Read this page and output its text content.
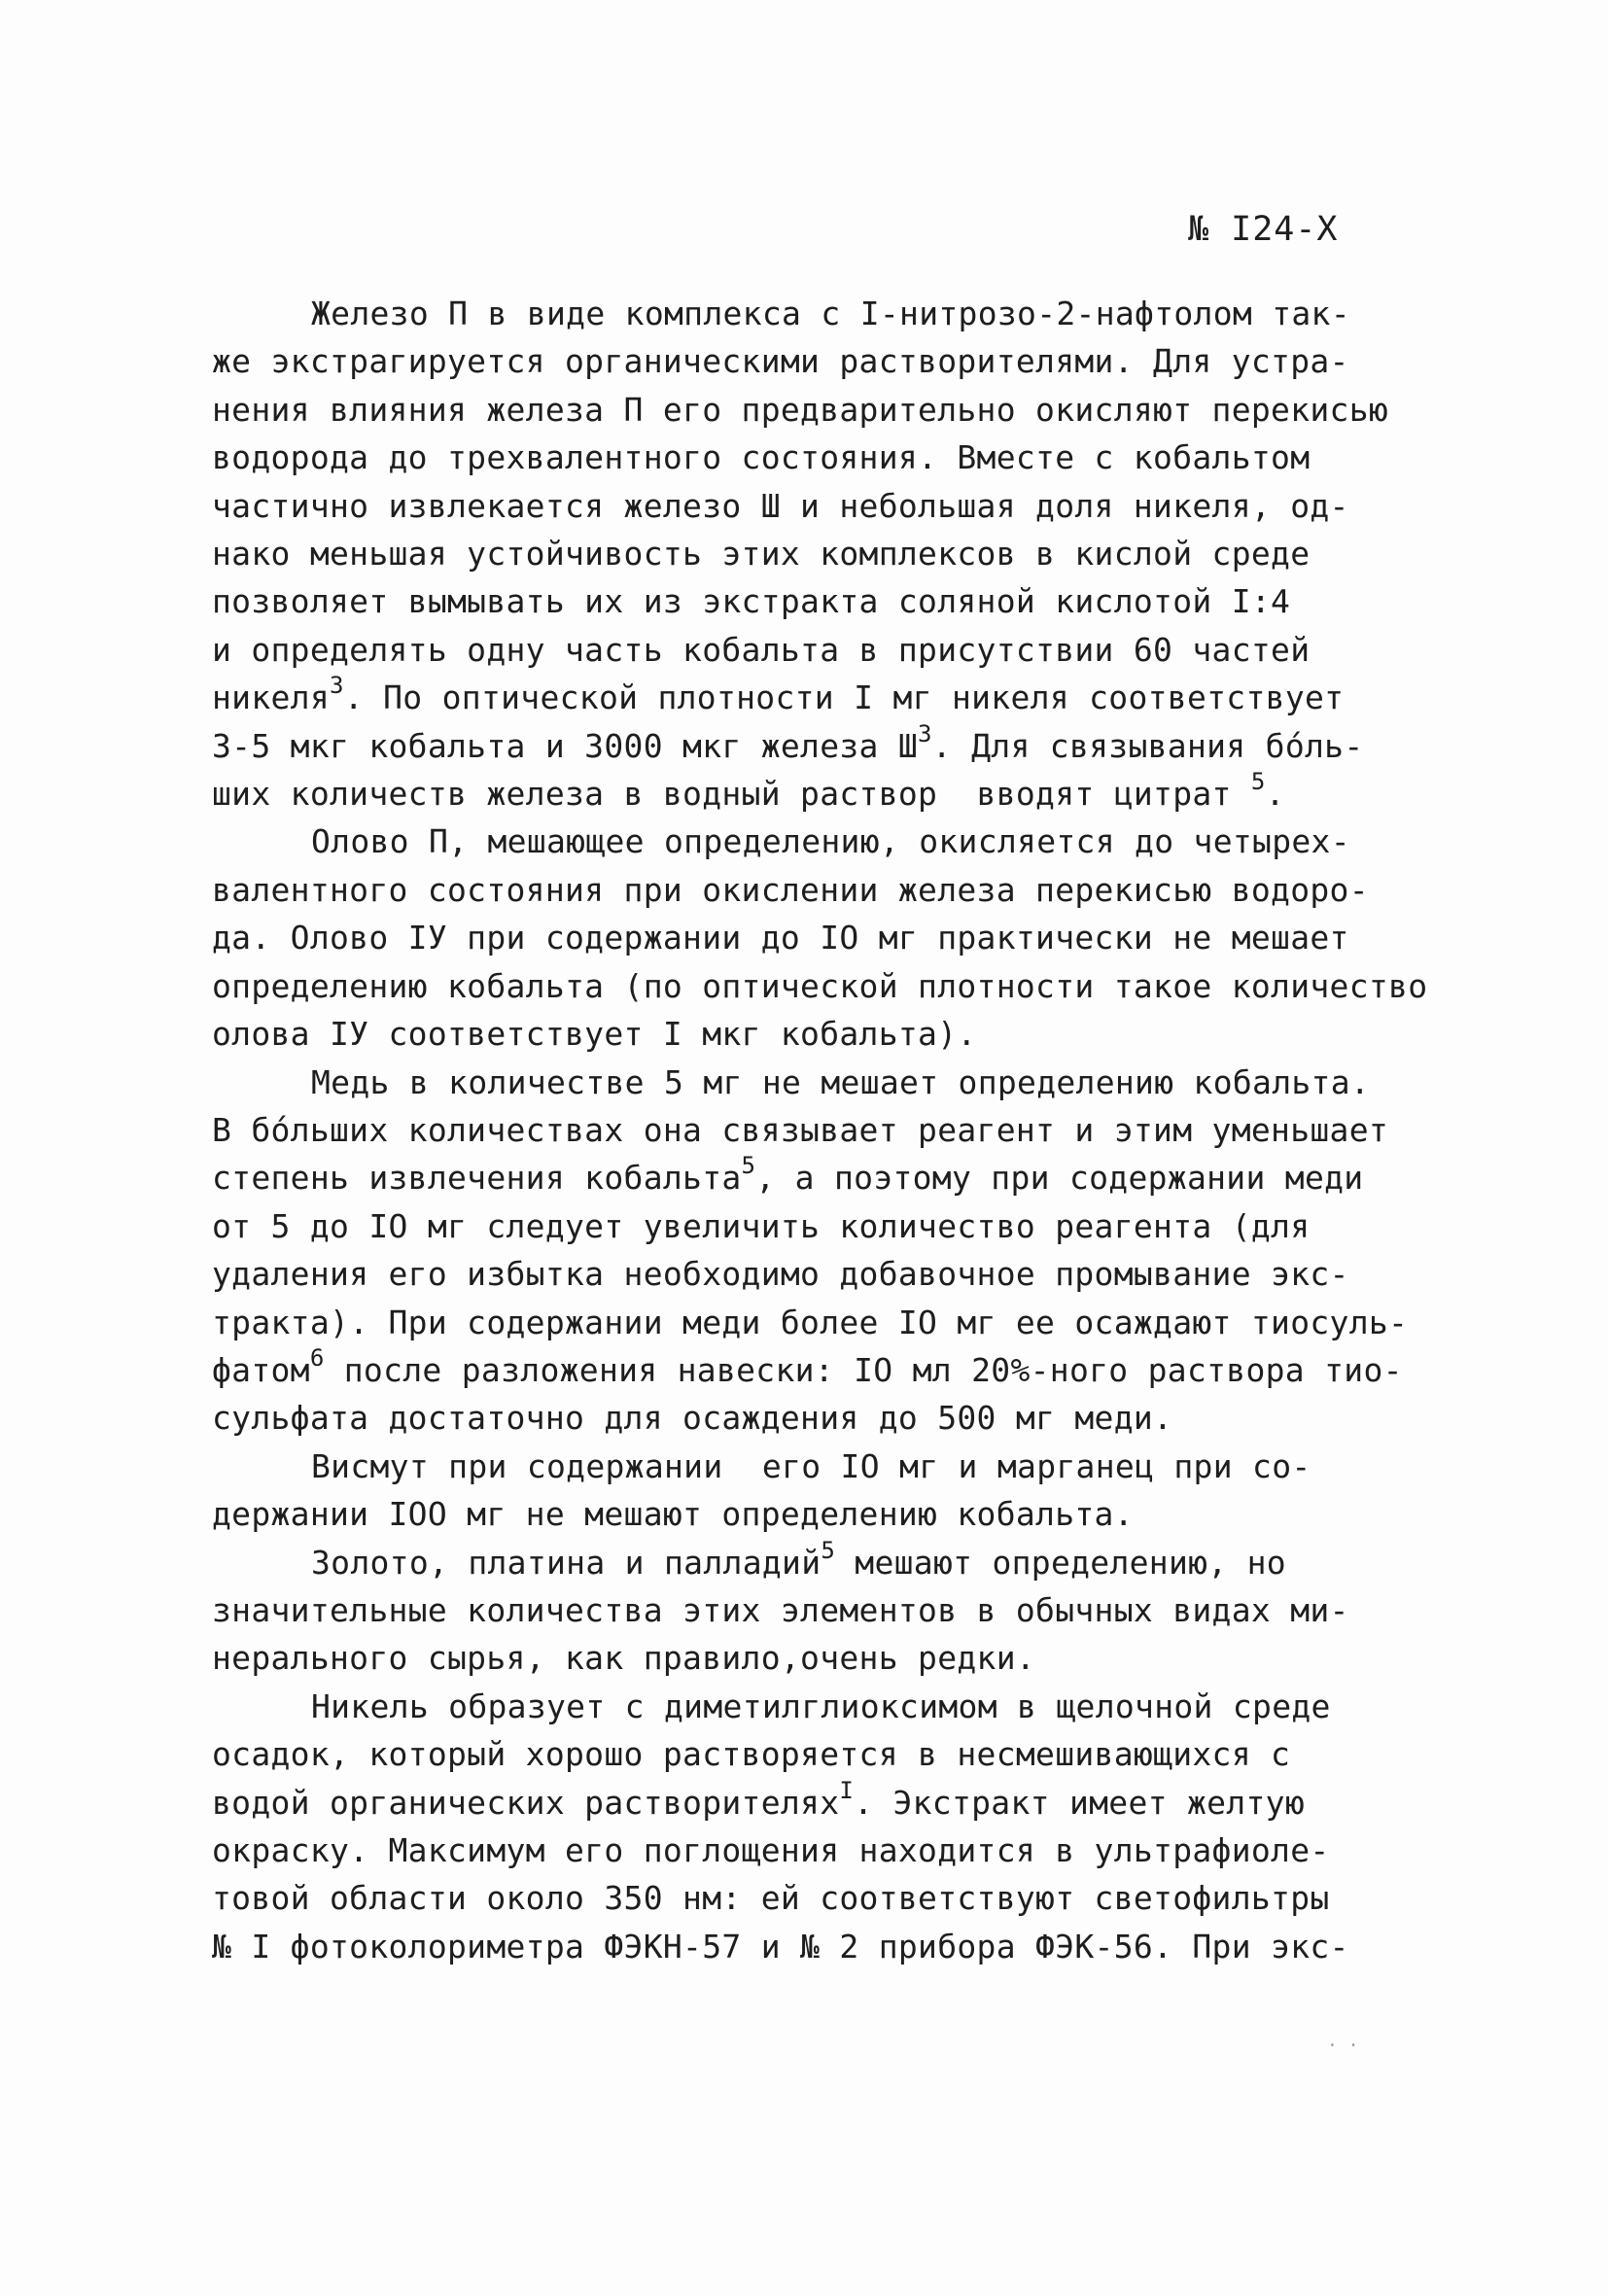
№ I24-X
Железо П в виде комплекса с I-нитрозо-2-нафтолом так-
же экстрагируется органическими растворителями. Для устра-
нения влияния железа П его предварительно окисляют перекисью
водорода до трехвалентного состояния. Вместе с кобальтом
частично извлекается железо Ш и небольшая доля никеля, од-
нако меньшая устойчивость этих комплексов в кислой среде
позволяет вымывать их из экстракта соляной кислотой I:4
и определять одну часть кобальта в присутствии 60 частей
никеля$^3$. По оптической плотности I мг никеля соответствует
3-5 мкг кобальта и 3000 мкг железа $Ш^3$. Для связывания бóль-
ших количеств железа в водный раствор  вводят цитрат $^5$.
Олово П, мешающее определению, окисляется до четырех-
валентного состояния при окислении железа перекисью водоро-
да. Олово IУ при содержании до IO мг практически не мешает
определению кобальта (по оптической плотности такое количество
олова IУ соответствует I мкг кобальта).
Медь в количестве 5 мг не мешает определению кобальта.
В бóльших количествах она связывает реагент и этим уменьшает
степень извлечения кобальта$^5$, а поэтому при содержании меди
от 5 до IO мг следует увеличить количество реагента (для
удаления его избытка необходимо добавочное промывание экс-
тракта). При содержании меди более IO мг ее осаждают тиосуль-
фатом$^6$ после разложения навески: IO мл 20%-ного раствора тио-
сульфата достаточно для осаждения до 500 мг меди.
Висмут при содержании  его IO мг и марганец при со-
держании IOO мг не мешают определению кобальта.
Золото, платина и палладий$^5$ мешают определению, но
значительные количества этих элементов в обычных видах ми-
нерального сырья, как правило,очень редки.
Никель образует с диметилглиоксимом в щелочной среде
осадок, который хорошо растворяется в несмешивающихся с
водой органических растворителях$^I$. Экстракт имеет желтую
окраску. Максимум его поглощения находится в ультрафиоле-
товой области около 350 нм: ей соответствуют светофильтры
№ I фотоколориметра ФЭКН-57 и № 2 прибора ФЭК-56. При экс-
· ·
